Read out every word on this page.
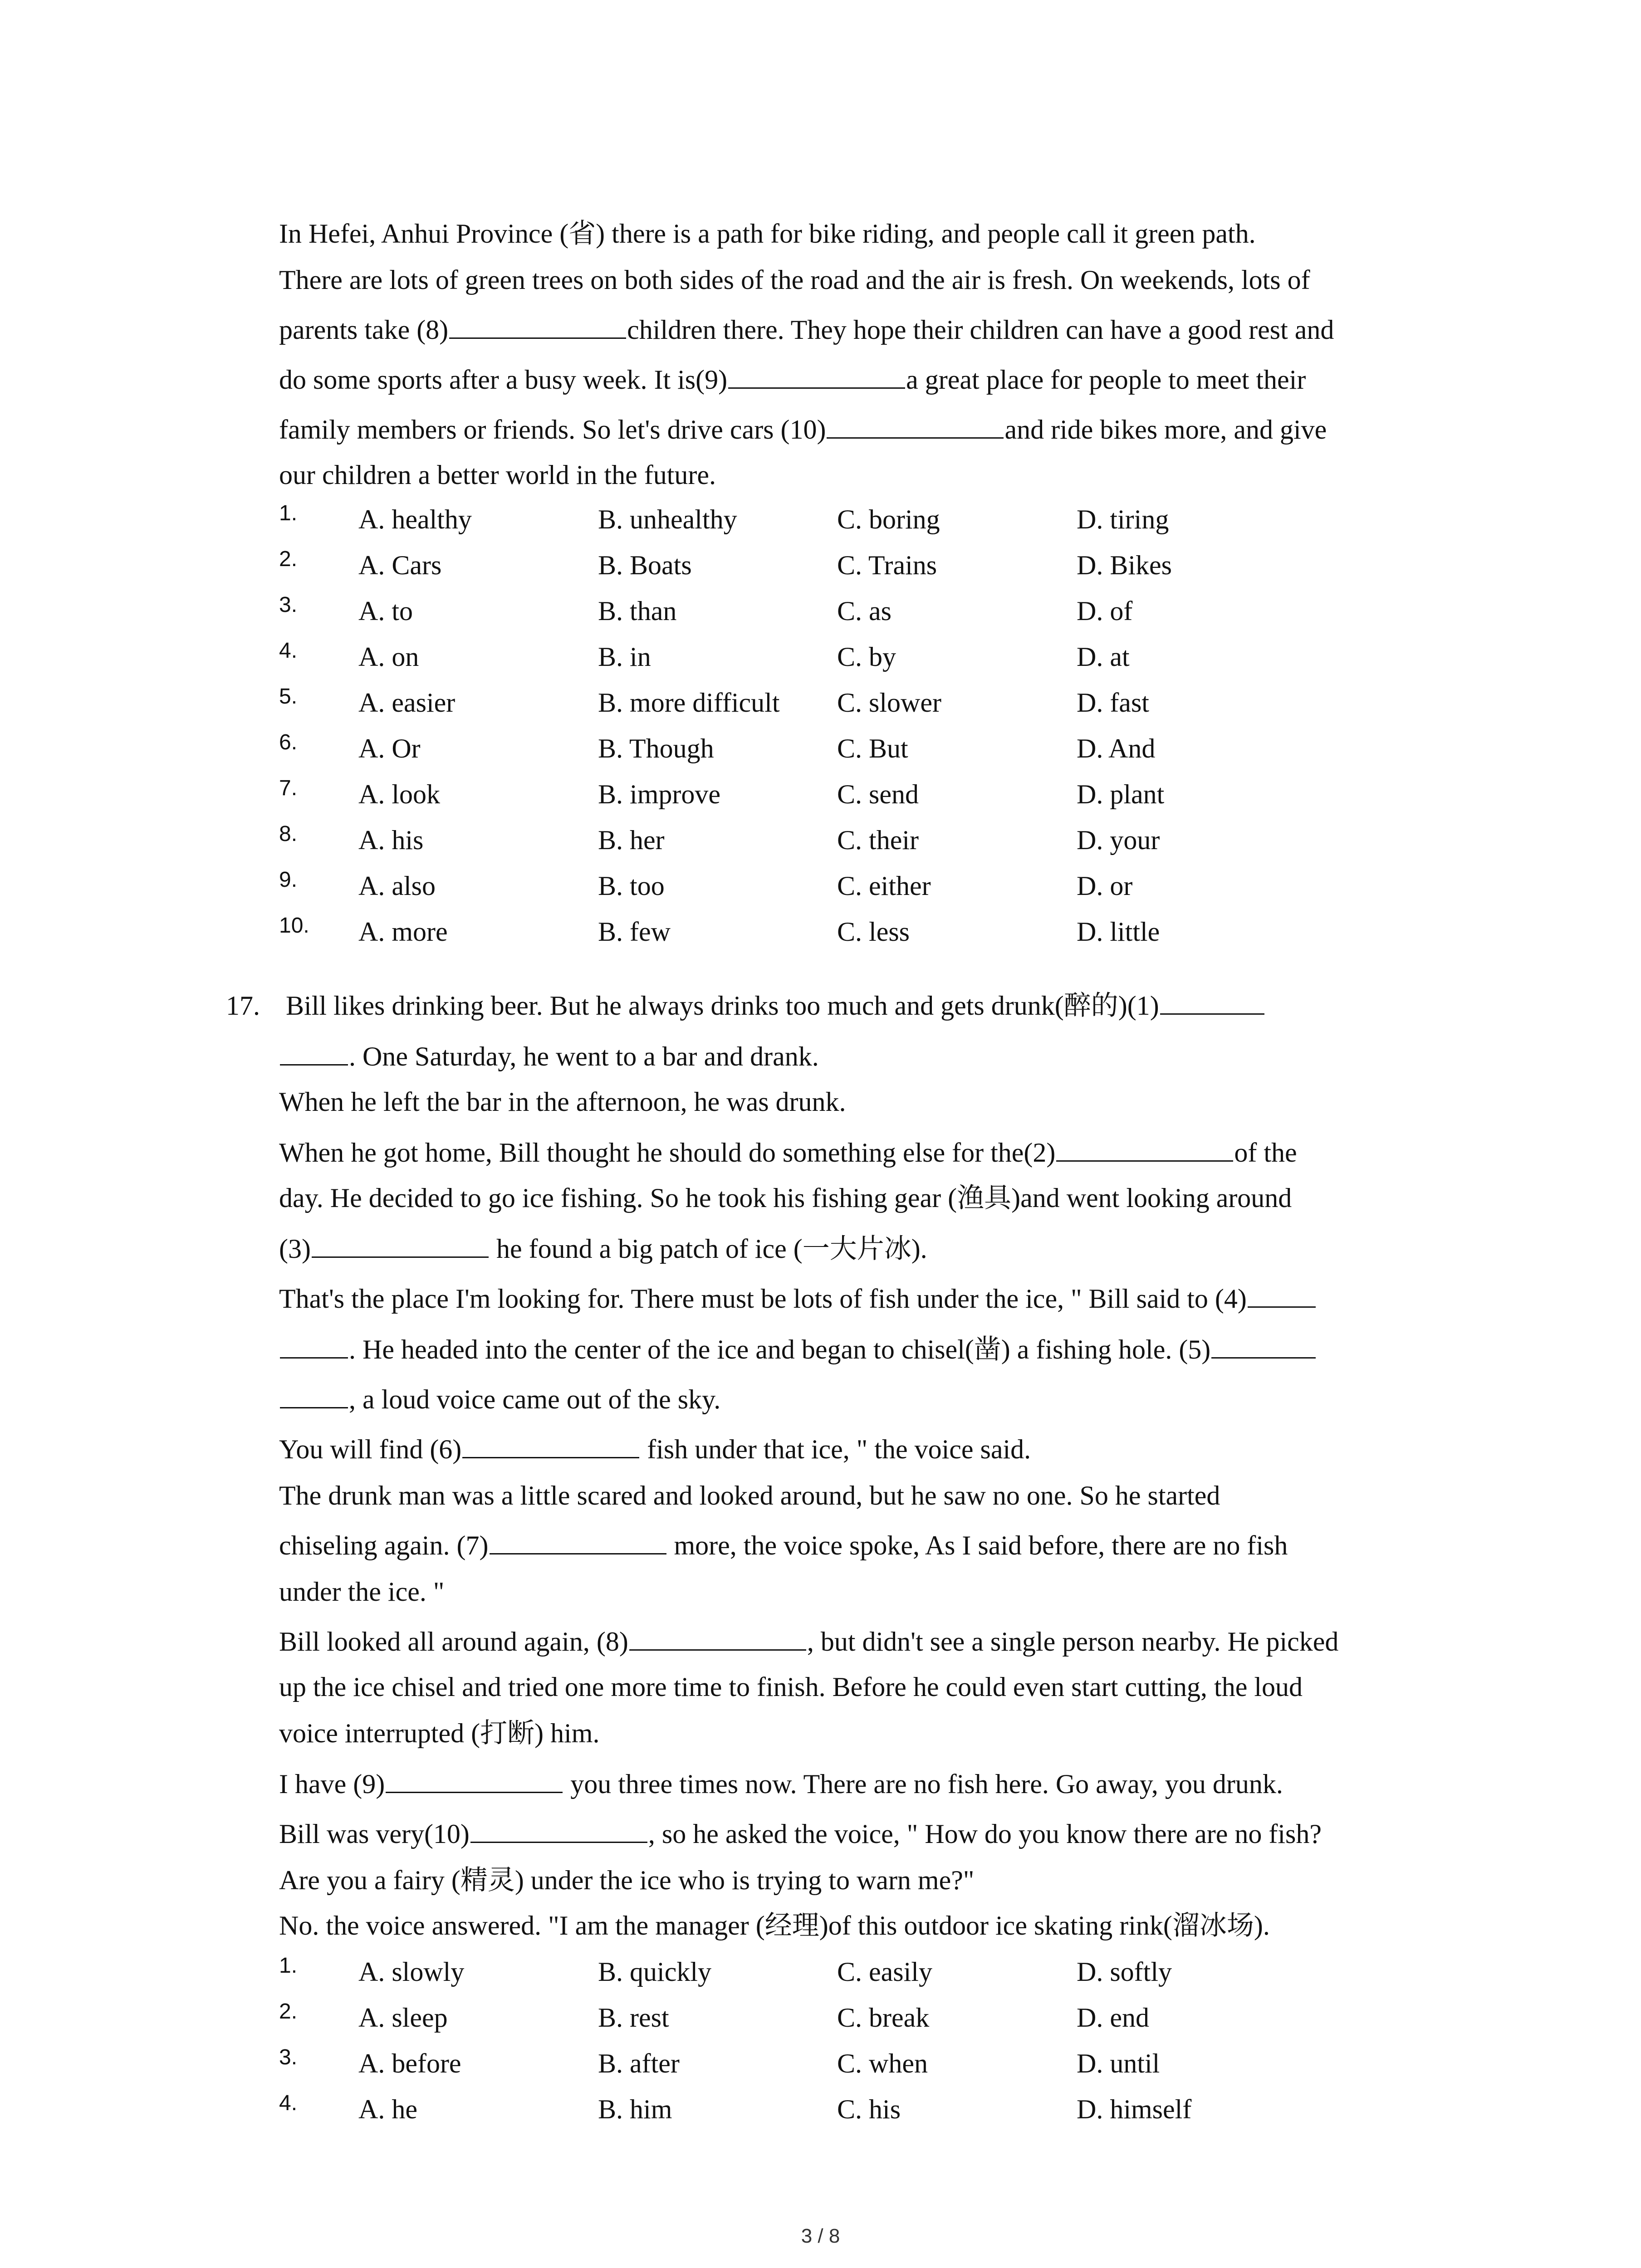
In Hefei, Anhui Province (省) there is a path for bike riding, and people call it green path.
There are lots of green trees on both sides of the road and the air is fresh. On weekends, lots of
parents take (8)	children there. They hope their children can have a good rest and
do some sports after a busy week. It is(9)	a great place for people to meet their
family members or friends. So let's drive cars (10)	and ride bikes more, and give
our children a better world in the future.
1. A. healthy	B. unhealthy	C. boring	D. tiring
2. A. Cars	B. Boats	C. Trains	D. Bikes
3. A. to	B. than	C. as	D. of
4. A. on	B. in	C. by	D. at
5. A. easier	B. more difficult C. slower	D. fast
6. A. Or	B. Though	C. But	D. And
7. A. look	B. improve	C. send	D. plant
8. A. his	B. her	C. their	D. your
9. A. also	B. too	C. either	D. or
10. A. more	B. few	C. less	D. little
17. Bill likes drinking beer. But he always drinks too much and gets drunk(醉的)(1)
. One Saturday, he went to a bar and drank.
When he left the bar in the afternoon, he was drunk.
When he got home, Bill thought he should do something else for the(2)	of the
day. He decided to go ice fishing. So he took his fishing gear (渔具)and went looking around
(3)	he found a big patch of ice (一大片冰).
That's the place I'm looking for. There must be lots of fish under the ice, " Bill said to (4)
. He headed into the center of the ice and began to chisel(凿) a fishing hole. (5)
, a loud voice came out of the sky.
You will find (6)	fish under that ice, " the voice said.
The drunk man was a little scared and looked around, but he saw no one. So he started
chiseling again. (7)	more, the voice spoke, As I said before, there are no fish
under the ice. "
Bill looked all around again, (8)	, but didn't see a single person nearby. He picked
up the ice chisel and tried one more time to finish. Before he could even start cutting, the loud
voice interrupted (打断) him.
I have (9)	you three times now. There are no fish here. Go away, you drunk.
Bill was very(10)	, so he asked the voice, " How do you know there are no fish?
Are you a fairy (精灵) under the ice who is trying to warn me?"
No. the voice answered. "I am the manager (经理)of this outdoor ice skating rink(溜冰场).
1. A. slowly	B. quickly	C. easily	D. softly
2. A. sleep	B. rest	C. break	D. end
3. A. before	B. after	C. when	D. until
4. A. he	B. him	C. his	D. himself
3 / 8
